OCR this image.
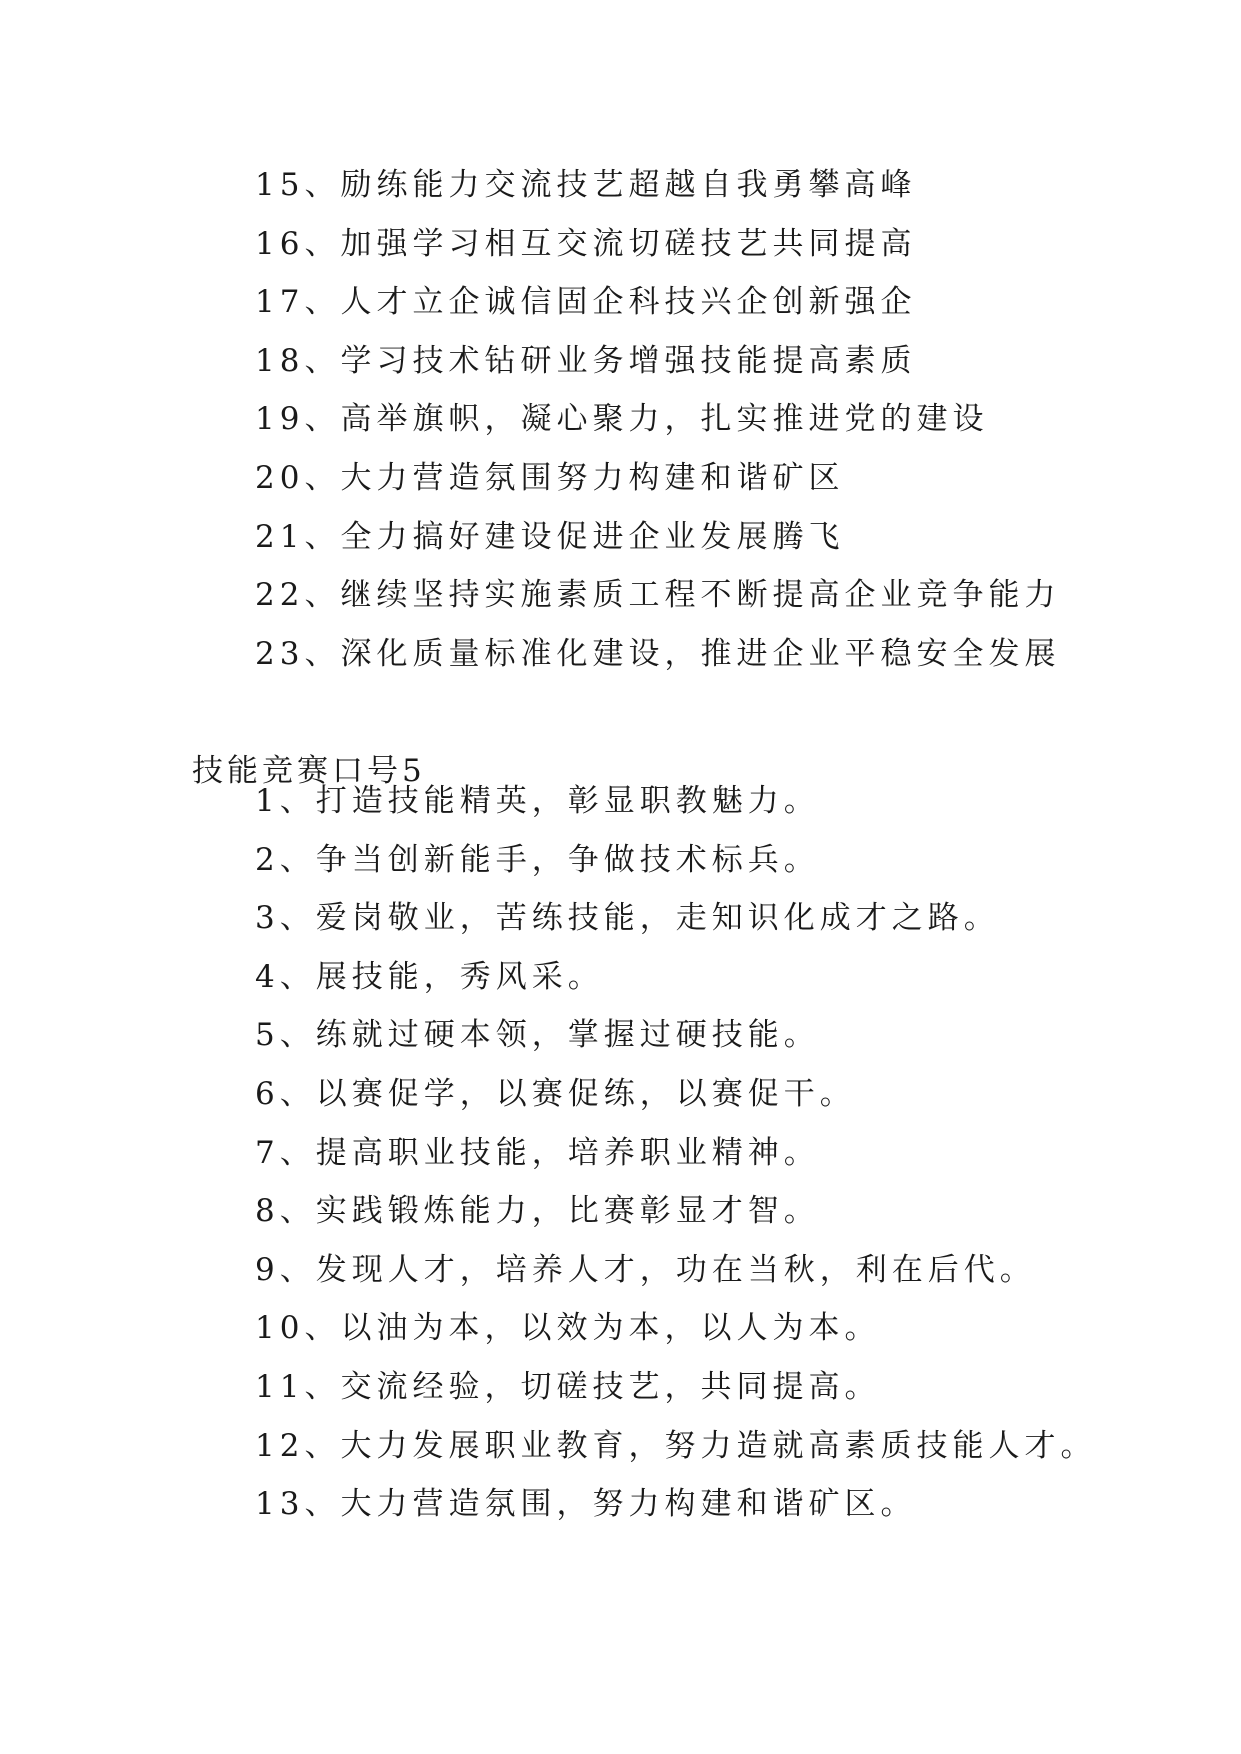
15、励练能力交流技艺超越自我勇攀高峰
16、加强学习相互交流切磋技艺共同提高
17、人才立企诚信固企科技兴企创新强企
18、学习技术钻研业务增强技能提高素质
19、高举旗帜，凝心聚力，扎实推进党的建设
20、大力营造氛围努力构建和谐矿区
21、全力搞好建设促进企业发展腾飞
22、继续坚持实施素质工程不断提高企业竞争能力
23、深化质量标准化建设，推进企业平稳安全发展
技能竞赛口号5
1、打造技能精英，彰显职教魅力。
2、争当创新能手，争做技术标兵。
3、爱岗敬业，苦练技能，走知识化成才之路。
4、展技能，秀风采。
5、练就过硬本领，掌握过硬技能。
6、以赛促学，以赛促练，以赛促干。
7、提高职业技能，培养职业精神。
8、实践锻炼能力，比赛彰显才智。
9、发现人才，培养人才，功在当秋，利在后代。
10、以油为本，以效为本，以人为本。
11、交流经验，切磋技艺，共同提高。
12、大力发展职业教育，努力造就高素质技能人才。
13、大力营造氛围，努力构建和谐矿区。
